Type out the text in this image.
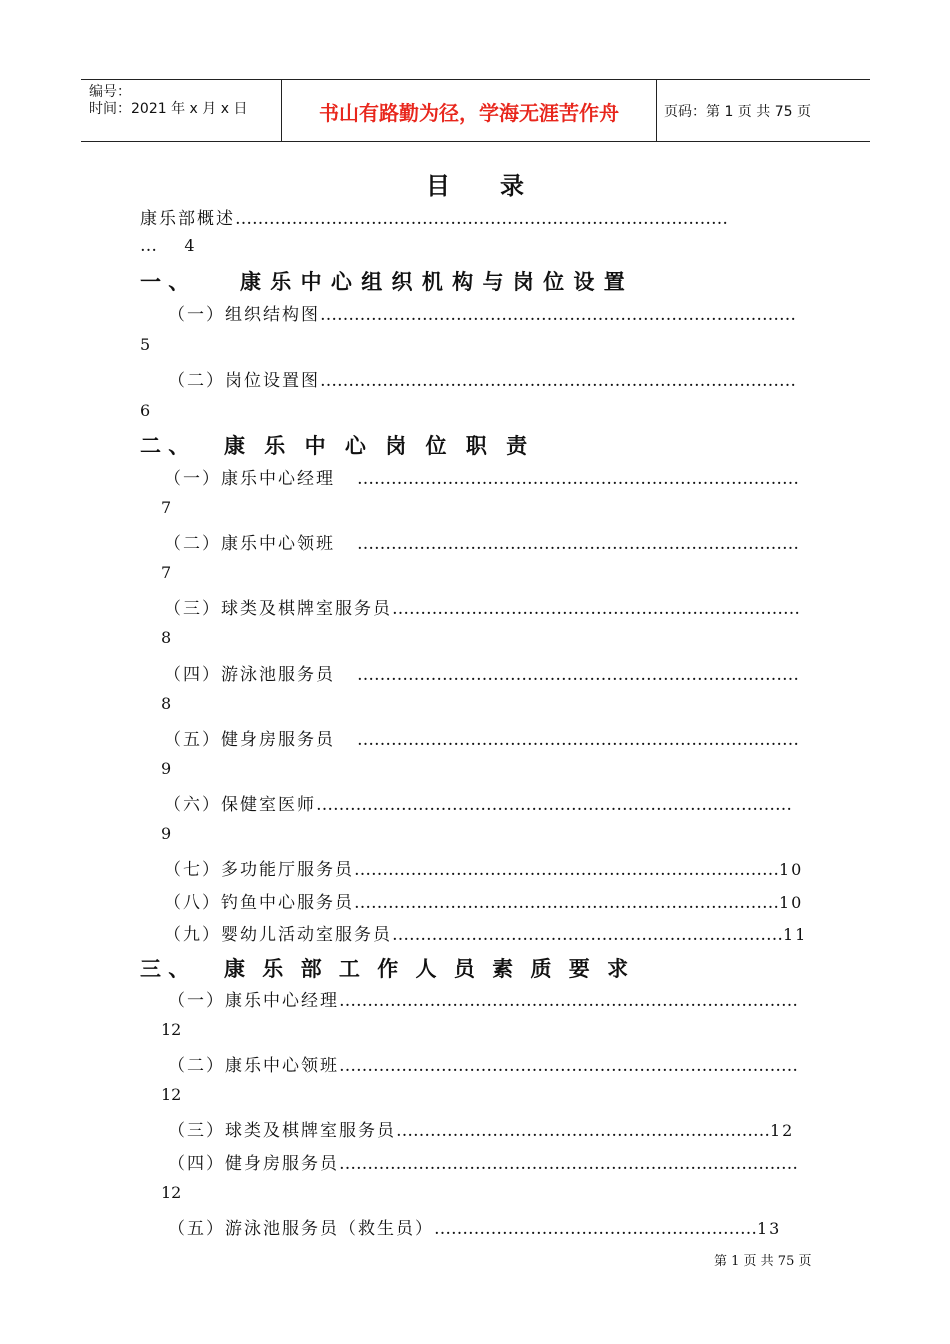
编号：
时间：2021 年 x 月 x 日	书山有路勤为径，学海无涯苦作舟	页码：第 1 页 共 75 页
目录
康乐部概述……………………………………………………………………………
… 4
一 、 康 乐 中 心 组 织 机 构 与 岗 位 设 置
（一）组织结构图…………………………………………………………………………
5
（二）岗位设置图…………………………………………………………………………
6
二 、 康 乐 中 心 岗 位 职 责
（一）康乐中心经理 ……………………………………………………………………
7
（二）康乐中心领班 ……………………………………………………………………
7
（三）球类及棋牌室服务员………………………………………………………………
8
（四）游泳池服务员 ……………………………………………………………………
8
（五）健身房服务员 ……………………………………………………………………
9
（六）保健室医师…………………………………………………………………………
9
（七）多功能厅服务员…………………………………………………………………10
（八）钓鱼中心服务员…………………………………………………………………10
（九）婴幼儿活动室服务员……………………………………………………………11
三 、 康 乐 部 工 作 人 员 素 质 要 求
（一）康乐中心经理………………………………………………………………………
12
（二）康乐中心领班………………………………………………………………………
12
（三）球类及棋牌室服务员…………………………………………………………12
（四）健身房服务员………………………………………………………………………
12
（五）游泳池服务员（救生员）…………………………………………………13
第 1 页 共 75 页
